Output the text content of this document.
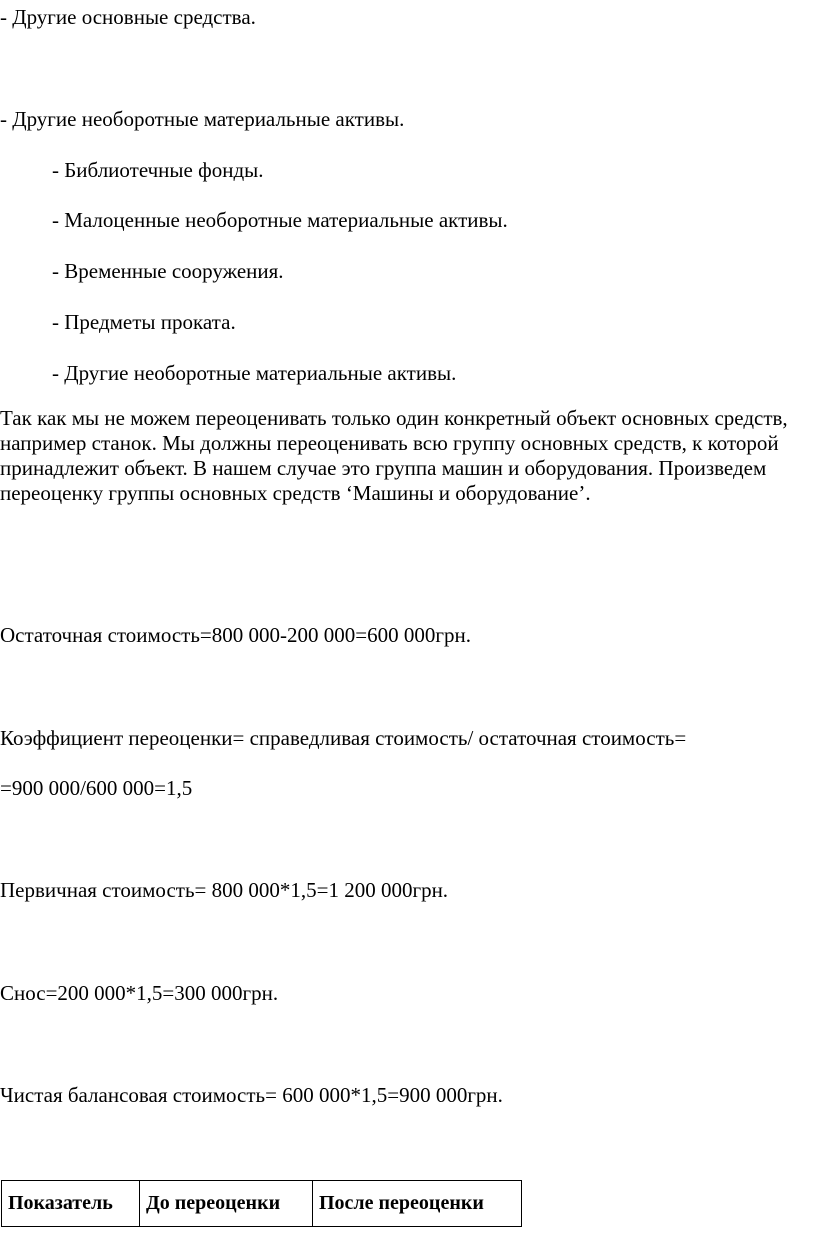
- Другие основные средства.
- Другие необоротные материальные активы.
- Библиотечные фонды.
- Малоценные необоротные материальные активы.
- Временные сооружения.
- Предметы проката.
- Другие необоротные материальные активы.
Так как мы не можем переоценивать только один конкретный объект основных средств, например станок. Мы должны переоценивать всю группу основных средств, к которой принадлежит объект. В нашем случае это группа машин и оборудования. Произведем переоценку группы основных средств ‘Машины и оборудование’.
Остаточная стоимость=800 000-200 000=600 000грн.
Коэффициент переоценки= справедливая стоимость/ остаточная стоимость=
=900 000/600 000=1,5
Первичная стоимость= 800 000*1,5=1 200 000грн.
Снос=200 000*1,5=300 000грн.
Чистая балансовая стоимость= 600 000*1,5=900 000грн.
Показатель	До переоценки	После переоценки
